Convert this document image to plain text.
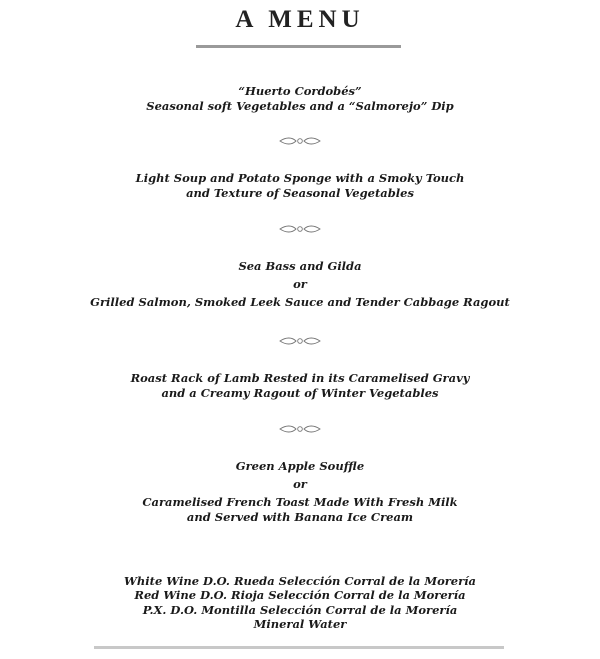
A MENU
“Huerto Cordobés”
Seasonal soft Vegetables and a “Salmorejo” Dip
Light Soup and Potato Sponge with a Smoky Touch
and Texture of Seasonal Vegetables
Sea Bass and Gilda
or
Grilled Salmon, Smoked Leek Sauce and Tender Cabbage Ragout
Roast Rack of Lamb Rested in its Caramelised Gravy
and a Creamy Ragout of Winter Vegetables
Green Apple Souffle
or
Caramelised French Toast Made With Fresh Milk
and Served with Banana Ice Cream
White Wine D.O. Rueda Selección Corral de la Morería
Red Wine D.O. Rioja Selección Corral de la Morería
P.X. D.O. Montilla Selección Corral de la Morería
Mineral Water
